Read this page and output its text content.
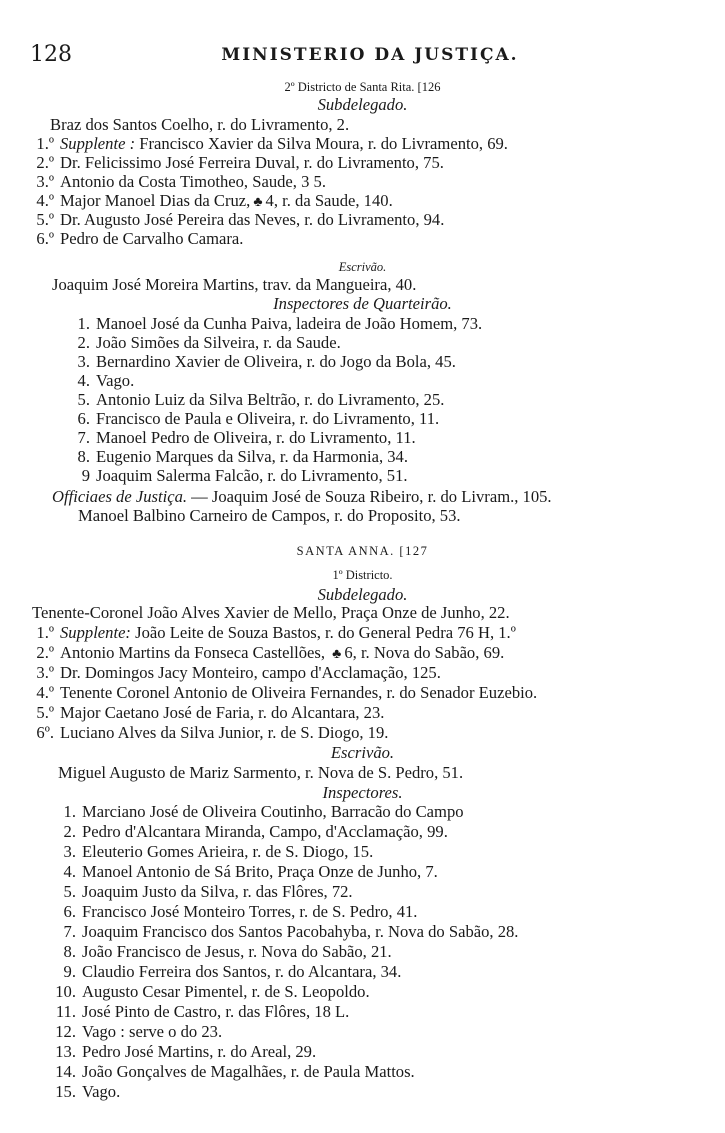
128	MINISTERIO DA JUSTIÇA.
2º Districto de Santa Rita. [126
Subdelegado.
Braz dos Santos Coelho, r. do Livramento, 2.
1.º Supplente : Francisco Xavier da Silva Moura, r. do Livramento, 69.
2.º Dr. Felicissimo José Ferreira Duval, r. do Livramento, 75.
3.º Antonio da Costa Timotheo, Saude, 3 5.
4.º Major Manoel Dias da Cruz, ♣ 4, r. da Saude, 140.
5.º Dr. Augusto José Pereira das Neves, r. do Livramento, 94.
6.º Pedro de Carvalho Camara.
Escrivão.
Joaquim José Moreira Martins, trav. da Mangueira, 40.
Inspectores de Quarteirão.
1. Manoel José da Cunha Paiva, ladeira de João Homem, 73.
2. João Simões da Silveira, r. da Saude.
3. Bernardino Xavier de Oliveira, r. do Jogo da Bola, 45.
4. Vago.
5. Antonio Luiz da Silva Beltrão, r. do Livramento, 25.
6. Francisco de Paula e Oliveira, r. do Livramento, 11.
7. Manoel Pedro de Oliveira, r. do Livramento, 11.
8. Eugenio Marques da Silva, r. da Harmonia, 34.
9 Joaquim Salerma Falcão, r. do Livramento, 51.
Officiaes de Justiça. — Joaquim José de Souza Ribeiro, r. do Livram., 105.
Manoel Balbino Carneiro de Campos, r. do Proposito, 53.
SANTA ANNA. [127
1º Districto.
Subdelegado.
Tenente-Coronel João Alves Xavier de Mello, Praça Onze de Junho, 22.
1.º Supplente: João Leite de Souza Bastos, r. do General Pedra 76 H, 1.º
2.º Antonio Martins da Fonseca Castellões, ♣ 6, r. Nova do Sabão, 69.
3.º Dr. Domingos Jacy Monteiro, campo d'Acclamação, 125.
4.º Tenente Coronel Antonio de Oliveira Fernandes, r. do Senador Euzebio.
5.º Major Caetano José de Faria, r. do Alcantara, 23.
6º. Luciano Alves da Silva Junior, r. de S. Diogo, 19.
Escrivão.
Miguel Augusto de Mariz Sarmento, r. Nova de S. Pedro, 51.
Inspectores.
1. Marciano José de Oliveira Coutinho, Barracão do Campo
2. Pedro d'Alcantara Miranda, Campo, d'Acclamação, 99.
3. Eleuterio Gomes Arieira, r. de S. Diogo, 15.
4. Manoel Antonio de Sá Brito, Praça Onze de Junho, 7.
5. Joaquim Justo da Silva, r. das Flôres, 72.
6. Francisco José Monteiro Torres, r. de S. Pedro, 41.
7. Joaquim Francisco dos Santos Pacobahyba, r. Nova do Sabão, 28.
8. João Francisco de Jesus, r. Nova do Sabão, 21.
9. Claudio Ferreira dos Santos, r. do Alcantara, 34.
10. Augusto Cesar Pimentel, r. de S. Leopoldo.
11. José Pinto de Castro, r. das Flôres, 18 L.
12. Vago : serve o do 23.
13. Pedro José Martins, r. do Areal, 29.
14. João Gonçalves de Magalhães, r. de Paula Mattos.
15. Vago.
